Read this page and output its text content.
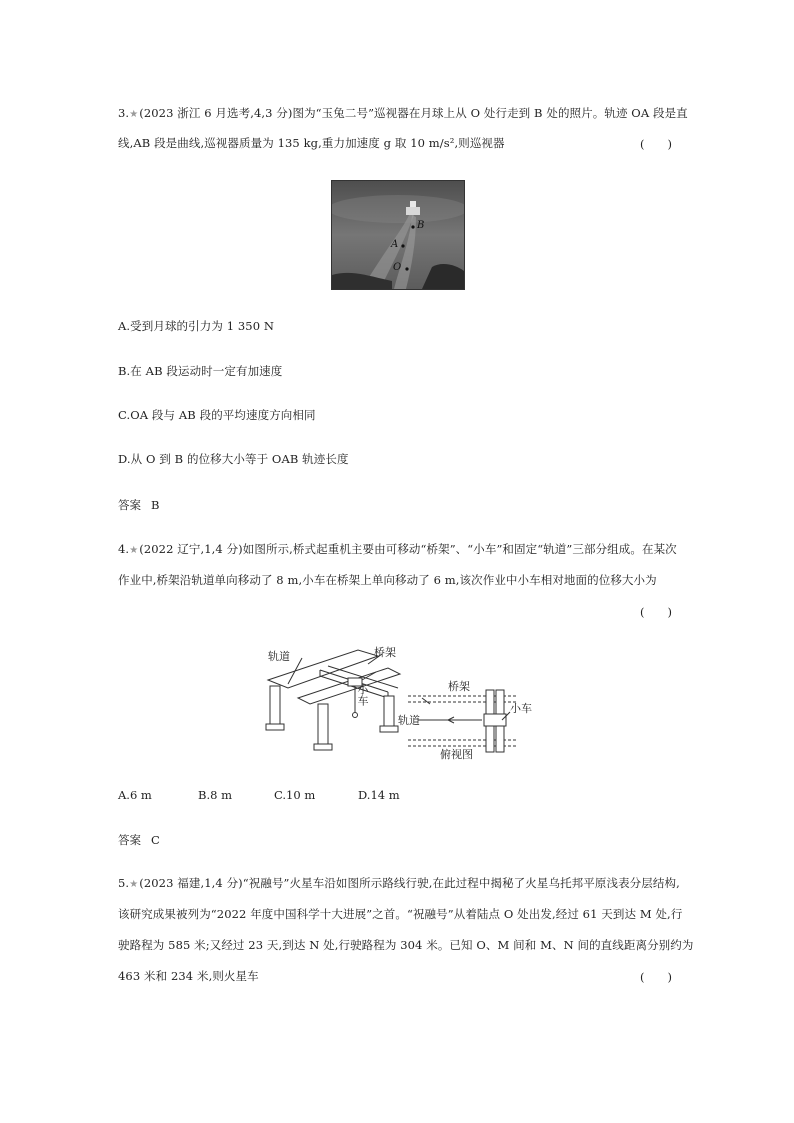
3.★(2023 浙江 6 月选考,4,3 分)图为“玉兔二号”巡视器在月球上从 O 处行走到 B 处的照片。轨迹 OA 段是直
线,AB 段是曲线,巡视器质量为 135 kg,重力加速度 g 取 10 m/s²,则巡视器	(　　)
B
A
O
A.受到月球的引力为 1 350 N
B.在 AB 段运动时一定有加速度
C.OA 段与 AB 段的平均速度方向相同
D.从 O 到 B 的位移大小等于 OAB 轨迹长度
答案 B
4.★(2022 辽宁,1,4 分)如图所示,桥式起重机主要由可移动“桥架”、“小车”和固定“轨道”三部分组成。在某次
作业中,桥架沿轨道单向移动了 8 m,小车在桥架上单向移动了 6 m,该次作业中小车相对地面的位移大小为
(　　)
轨道	桥架
小车	桥架
小车
轨道
俯视图
A.6 m	B.8 m	C.10 m	D.14 m
答案 C
5.★(2023 福建,1,4 分)“祝融号”火星车沿如图所示路线行驶,在此过程中揭秘了火星乌托邦平原浅表分层结构,
该研究成果被列为“2022 年度中国科学十大进展”之首。“祝融号”从着陆点 O 处出发,经过 61 天到达 M 处,行
驶路程为 585 米;又经过 23 天,到达 N 处,行驶路程为 304 米。已知 O、M 间和 M、N 间的直线距离分别约为
463 米和 234 米,则火星车	(　　)
